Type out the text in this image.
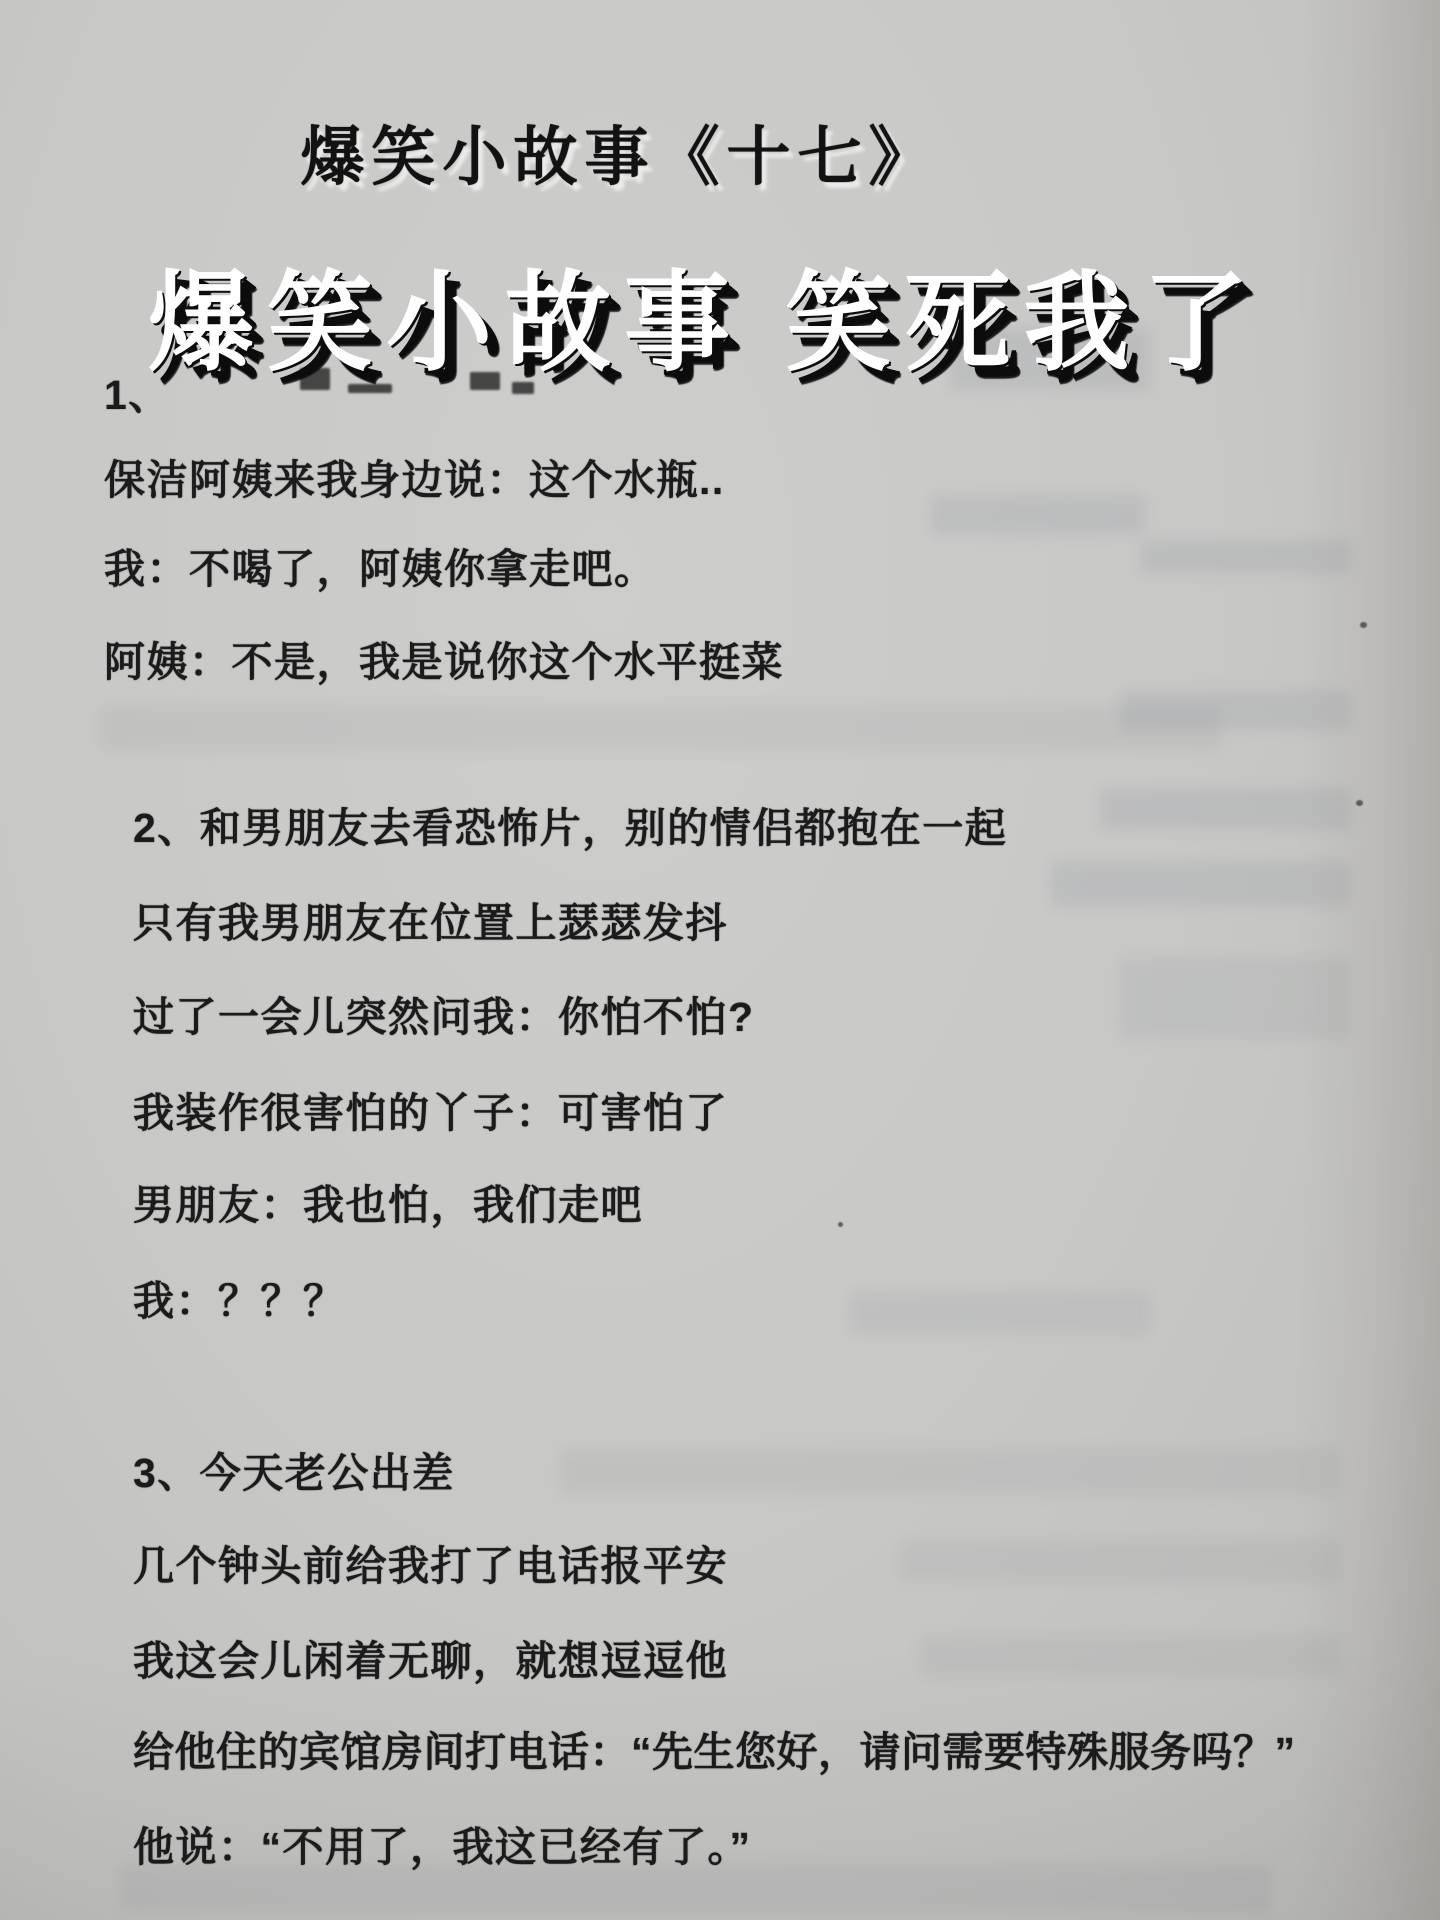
爆笑小故事《十七》
爆笑小故事 笑死我了
1、
保洁阿姨来我身边说：这个水瓶..
我：不喝了，阿姨你拿走吧。
阿姨：不是，我是说你这个水平挺菜
2、和男朋友去看恐怖片，别的情侣都抱在一起
只有我男朋友在位置上瑟瑟发抖
过了一会儿突然问我：你怕不怕?
我装作很害怕的丫子：可害怕了
男朋友：我也怕，我们走吧
我：？？？
3、今天老公出差
几个钟头前给我打了电话报平安
我这会儿闲着无聊，就想逗逗他
给他住的宾馆房间打电话：“先生您好，请问需要特殊服务吗？”
他说：“不用了，我这已经有了。”
